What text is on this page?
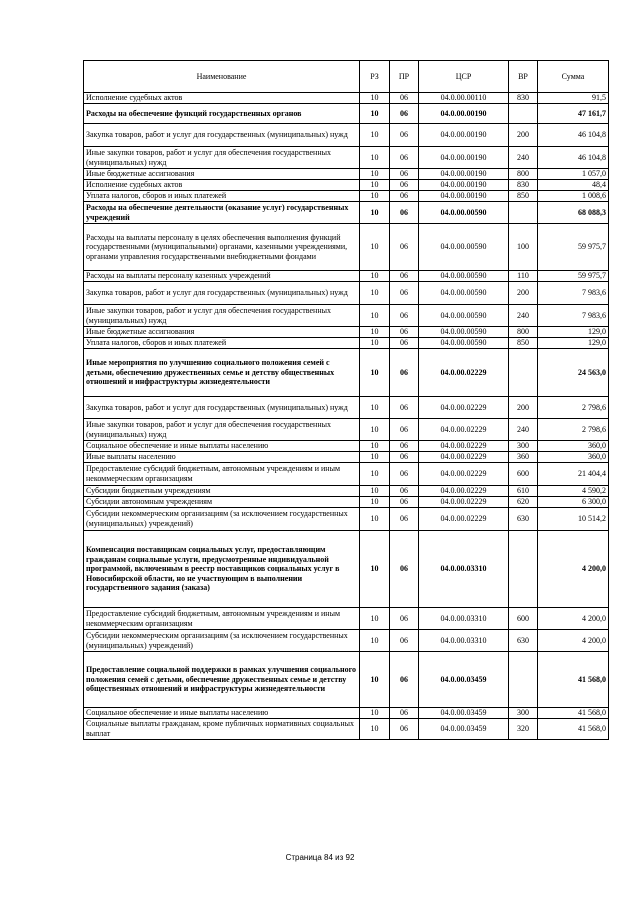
Наименование	РЗ	ПР	ЦСР	ВР	Сумма
Исполнение судебных актов	10	06	04.0.00.00110	830	91,5
Расходы на обеспечение функций государственных органов	10	06	04.0.00.00190		47 161,7
Закупка товаров, работ и услуг для государственных (муниципальных) нужд	10	06	04.0.00.00190	200	46 104,8
Иные закупки товаров, работ и услуг для обеспечения государственных (муниципальных) нужд	10	06	04.0.00.00190	240	46 104,8
Иные бюджетные ассигнования	10	06	04.0.00.00190	800	1 057,0
Исполнение судебных актов	10	06	04.0.00.00190	830	48,4
Уплата налогов, сборов и иных платежей	10	06	04.0.00.00190	850	1 008,6
Расходы на обеспечение деятельности (оказание услуг) государственных учреждений	10	06	04.0.00.00590		68 088,3
Расходы на выплаты персоналу в целях обеспечения выполнения функций государственными (муниципальными) органами, казенными учреждениями, органами управления государственными внебюджетными фондами	10	06	04.0.00.00590	100	59 975,7
Расходы на выплаты персоналу казенных учреждений	10	06	04.0.00.00590	110	59 975,7
Закупка товаров, работ и услуг для государственных (муниципальных) нужд	10	06	04.0.00.00590	200	7 983,6
Иные закупки товаров, работ и услуг для обеспечения государственных (муниципальных) нужд	10	06	04.0.00.00590	240	7 983,6
Иные бюджетные ассигнования	10	06	04.0.00.00590	800	129,0
Уплата налогов, сборов и иных платежей	10	06	04.0.00.00590	850	129,0
Иные мероприятия по улучшению социального положения семей с детьми, обеспечению дружественных семье и детству общественных отношений и инфраструктуры жизнедеятельности	10	06	04.0.00.02229		24 563,0
Закупка товаров, работ и услуг для государственных (муниципальных) нужд	10	06	04.0.00.02229	200	2 798,6
Иные закупки товаров, работ и услуг для обеспечения государственных (муниципальных) нужд	10	06	04.0.00.02229	240	2 798,6
Социальное обеспечение и иные выплаты населению	10	06	04.0.00.02229	300	360,0
Иные выплаты населению	10	06	04.0.00.02229	360	360,0
Предоставление субсидий бюджетным, автономным учреждениям и иным некоммерческим организациям	10	06	04.0.00.02229	600	21 404,4
Субсидии бюджетным учреждениям	10	06	04.0.00.02229	610	4 590,2
Субсидии автономным учреждениям	10	06	04.0.00.02229	620	6 300,0
Субсидии некоммерческим организациям (за исключением государственных (муниципальных) учреждений)	10	06	04.0.00.02229	630	10 514,2
Компенсация поставщикам социальных услуг, предоставляющим гражданам социальные услуги, предусмотренные индивидуальной программой, включенным в реестр поставщиков социальных услуг в Новосибирской области, но не участвующим в выполнении государственного задания (заказа)	10	06	04.0.00.03310		4 200,0
Предоставление субсидий бюджетным, автономным учреждениям и иным некоммерческим организациям	10	06	04.0.00.03310	600	4 200,0
Субсидии некоммерческим организациям (за исключением государственных (муниципальных) учреждений)	10	06	04.0.00.03310	630	4 200,0
Предоставление социальной поддержки в рамках улучшения социального положения семей с детьми, обеспечение дружественных семье и детству общественных отношений и инфраструктуры жизнедеятельности	10	06	04.0.00.03459		41 568,0
Социальное обеспечение и иные выплаты населению	10	06	04.0.00.03459	300	41 568,0
Социальные выплаты гражданам, кроме публичных нормативных социальных выплат	10	06	04.0.00.03459	320	41 568,0
Страница 84 из 92
